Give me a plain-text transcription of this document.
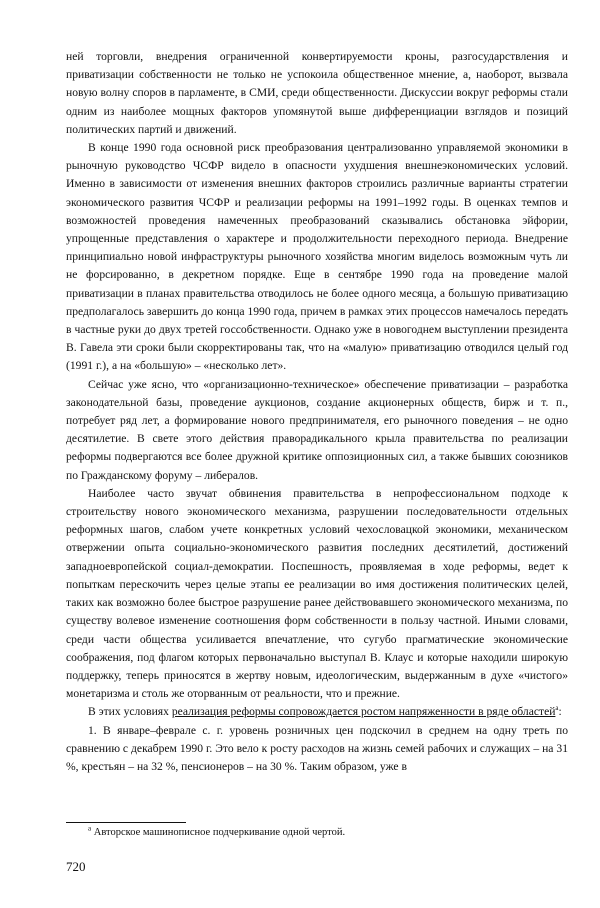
ней торговли, внедрения ограниченной конвертируемости кроны, разгосударствления и приватизации собственности не только не успокоила общественное мнение, а, наоборот, вызвала новую волну споров в парламенте, в СМИ, среди общественности. Дискуссии вокруг реформы стали одним из наиболее мощных факторов упомянутой выше дифференциации взглядов и позиций политических партий и движений.

В конце 1990 года основной риск преобразования централизованно управляемой экономики в рыночную руководство ЧСФР видело в опасности ухудшения внешнеэкономических условий. Именно в зависимости от изменения внешних факторов строились различные варианты стратегии экономического развития ЧСФР и реализации реформы на 1991–1992 годы. В оценках темпов и возможностей проведения намеченных преобразований сказывались обстановка эйфории, упрощенные представления о характере и продолжительности переходного периода. Внедрение принципиально новой инфраструктуры рыночного хозяйства многим виделось возможным чуть ли не форсированно, в декретном порядке. Еще в сентябре 1990 года на проведение малой приватизации в планах правительства отводилось не более одного месяца, а большую приватизацию предполагалось завершить до конца 1990 года, причем в рамках этих процессов намечалось передать в частные руки до двух третей госсобственности. Однако уже в новогоднем выступлении президента В. Гавела эти сроки были скорректированы так, что на «малую» приватизацию отводился целый год (1991 г.), а на «большую» – «несколько лет».

Сейчас уже ясно, что «организационно-техническое» обеспечение приватизации – разработка законодательной базы, проведение аукционов, создание акционерных обществ, бирж и т. п., потребует ряд лет, а формирование нового предпринимателя, его рыночного поведения – не одно десятилетие. В свете этого действия праворадикального крыла правительства по реализации реформы подвергаются все более дружной критике оппозиционных сил, а также бывших союзников по Гражданскому форуму – либералов.

Наиболее часто звучат обвинения правительства в непрофессиональном подходе к строительству нового экономического механизма, разрушении последовательности отдельных реформных шагов, слабом учете конкретных условий чехословацкой экономики, механическом отвержении опыта социально-экономического развития последних десятилетий, достижений западноевропейской социал-демократии. Поспешность, проявляемая в ходе реформы, ведет к попыткам перескочить через целые этапы ее реализации во имя достижения политических целей, таких как возможно более быстрое разрушение ранее действовавшего экономического механизма, по существу волевое изменение соотношения форм собственности в пользу частной. Иными словами, среди части общества усиливается впечатление, что сугубо прагматические экономические соображения, под флагом которых первоначально выступал В. Клаус и которые находили широкую поддержку, теперь приносятся в жертву новым, идеологическим, выдержанным в духе «чистого» монетаризма и столь же оторванным от реальности, что и прежние.

В этих условиях реализация реформы сопровождается ростом напряженности в ряде областей$^a$:

1. В январе–феврале с. г. уровень розничных цен подскочил в среднем на одну треть по сравнению с декабрем 1990 г. Это вело к росту расходов на жизнь семей рабочих и служащих – на 31 %, крестьян – на 32 %, пенсионеров – на 30 %. Таким образом, уже в

$^a$ Авторское машинописное подчеркивание одной чертой.
720
